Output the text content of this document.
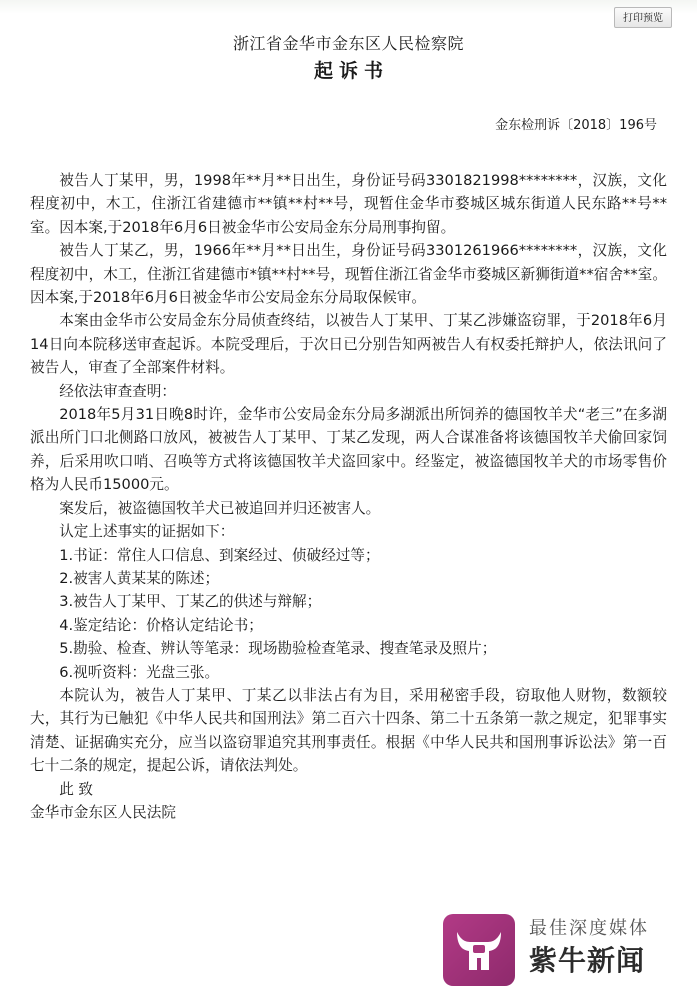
打印预览
浙江省金华市金东区人民检察院
起诉书
金东检刑诉〔2018〕196号

被告人丁某甲，男，1998年**月**日出生，身份证号码3301821998********，汉族，文化程度初中，木工，住浙江省建德市**镇**村**号，现暂住金华市婺城区城东街道人民东路**号**室。因本案,于2018年6月6日被金华市公安局金东分局刑事拘留。

被告人丁某乙，男，1966年**月**日出生，身份证号码3301261966********，汉族，文化程度初中，木工，住浙江省建德市*镇**村**号，现暂住浙江省金华市婺城区新狮街道**宿舍**室。因本案,于2018年6月6日被金华市公安局金东分局取保候审。

本案由金华市公安局金东分局侦查终结，以被告人丁某甲、丁某乙涉嫌盗窃罪，于2018年6月14日向本院移送审查起诉。本院受理后，于次日已分别告知两被告人有权委托辩护人，依法讯问了被告人，审查了全部案件材料。

经依法审查查明：

2018年5月31日晚8时许，金华市公安局金东分局多湖派出所饲养的德国牧羊犬“老三”在多湖派出所门口北侧路口放风，被被告人丁某甲、丁某乙发现，两人合谋准备将该德国牧羊犬偷回家饲养，后采用吹口哨、召唤等方式将该德国牧羊犬盗回家中。经鉴定，被盗德国牧羊犬的市场零售价格为人民币15000元。

案发后，被盗德国牧羊犬已被追回并归还被害人。

认定上述事实的证据如下：

1.书证：常住人口信息、到案经过、侦破经过等；

2.被害人黄某某的陈述；

3.被告人丁某甲、丁某乙的供述与辩解；

4.鉴定结论：价格认定结论书；

5.勘验、检查、辨认等笔录：现场勘验检查笔录、搜查笔录及照片；

6.视听资料：光盘三张。

本院认为，被告人丁某甲、丁某乙以非法占有为目，采用秘密手段，窃取他人财物，数额较大，其行为已触犯《中华人民共和国刑法》第二百六十四条、第二十五条第一款之规定，犯罪事实清楚、证据确实充分，应当以盗窃罪追究其刑事责任。根据《中华人民共和国刑事诉讼法》第一百七十二条的规定，提起公诉，请依法判处。

此 致

金华市金东区人民法院

最佳深度媒体
紫牛新闻
